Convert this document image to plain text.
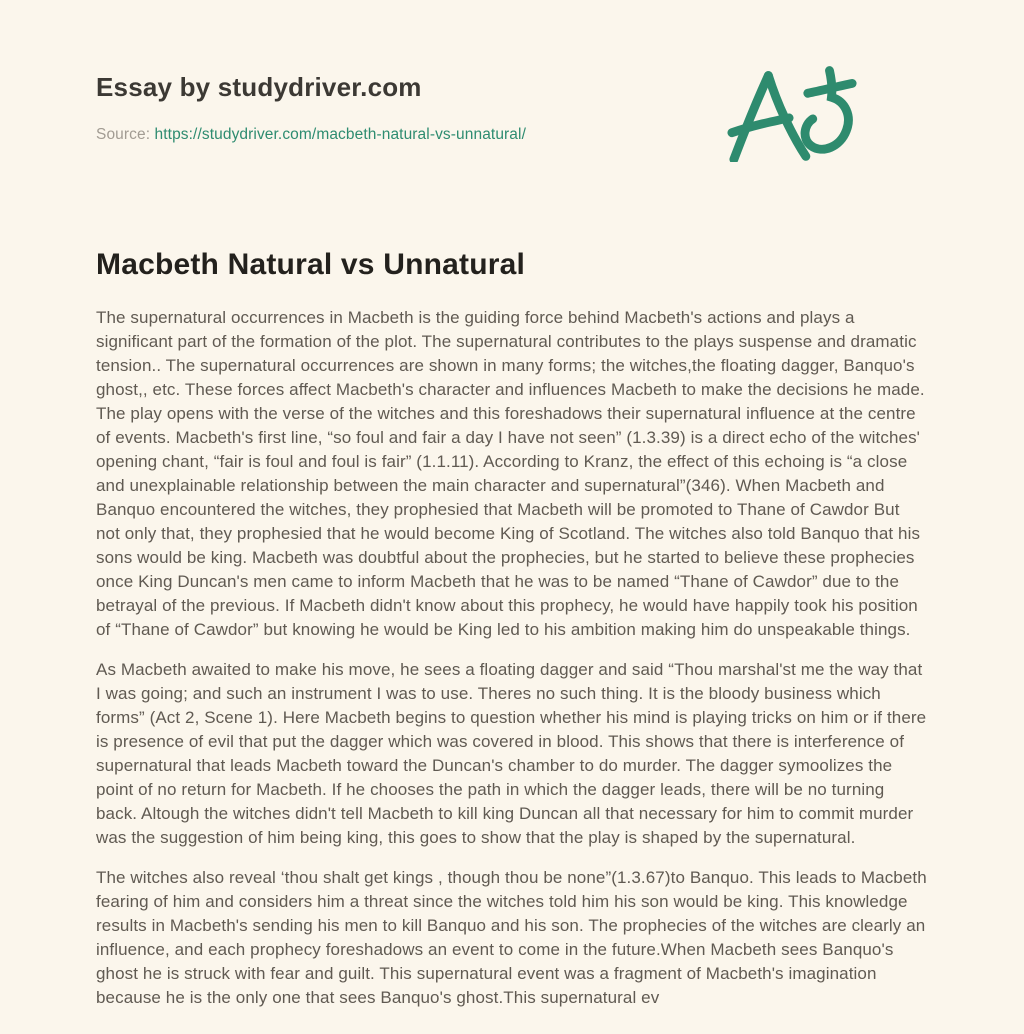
Essay by studydriver.com
Source: https://studydriver.com/macbeth-natural-vs-unnatural/
Macbeth Natural vs Unnatural

The supernatural occurrences in Macbeth is the guiding force behind Macbeth's actions and plays a significant part of the formation of the plot. The supernatural contributes to the plays suspense and dramatic tension.. The supernatural occurrences are shown in many forms; the witches,the floating dagger, Banquo's ghost,, etc. These forces affect Macbeth's character and influences Macbeth to make the decisions he made. The play opens with the verse of the witches and this foreshadows their supernatural influence at the centre of events. Macbeth's first line, “so foul and fair a day I have not seen” (1.3.39) is a direct echo of the witches' opening chant, “fair is foul and foul is fair” (1.1.11). According to Kranz, the effect of this echoing is “a close and unexplainable relationship between the main character and supernatural”(346). When Macbeth and Banquo encountered the witches, they prophesied that Macbeth will be promoted to Thane of Cawdor But not only that, they prophesied that he would become King of Scotland. The witches also told Banquo that his sons would be king. Macbeth was doubtful about the prophecies, but he started to believe these prophecies once King Duncan's men came to inform Macbeth that he was to be named “Thane of Cawdor” due to the betrayal of the previous. If Macbeth didn't know about this prophecy, he would have happily took his position of “Thane of Cawdor” but knowing he would be King led to his ambition making him do unspeakable things.

As Macbeth awaited to make his move, he sees a floating dagger and said “Thou marshal'st me the way that I was going; and such an instrument I was to use. Theres no such thing. It is the bloody business which forms” (Act 2, Scene 1). Here Macbeth begins to question whether his mind is playing tricks on him or if there is presence of evil that put the dagger which was covered in blood. This shows that there is interference of supernatural that leads Macbeth toward the Duncan's chamber to do murder. The dagger symoolizes the point of no return for Macbeth. If he chooses the path in which the dagger leads, there will be no turning back. Altough the witches didn't tell Macbeth to kill king Duncan all that necessary for him to commit murder was the suggestion of him being king, this goes to show that the play is shaped by the supernatural.

The witches also reveal ‘thou shalt get kings , though thou be none”(1.3.67)to Banquo. This leads to Macbeth fearing of him and considers him a threat since the witches told him his son would be king. This knowledge results in Macbeth's sending his men to kill Banquo and his son. The prophecies of the witches are clearly an influence, and each prophecy foreshadows an event to come in the future.When Macbeth sees Banquo's ghost he is struck with fear and guilt. This supernatural event was a fragment of Macbeth's imagination because he is the only one that sees Banquo's ghost.This supernatural ev
